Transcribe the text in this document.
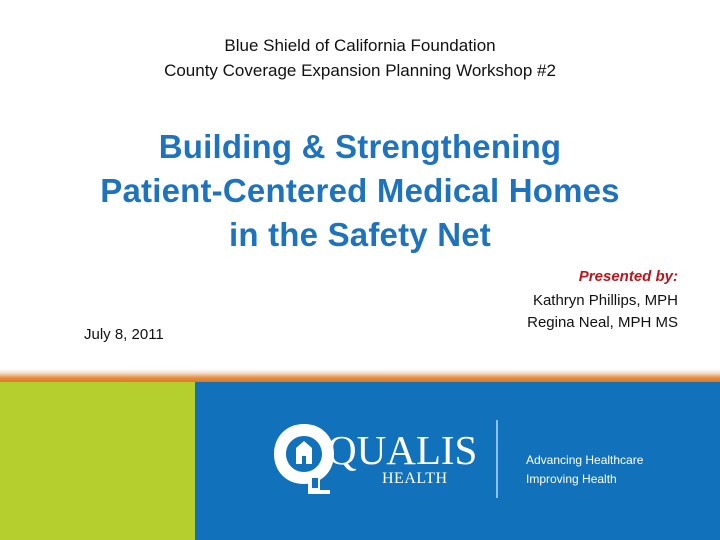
Blue Shield of California Foundation
County Coverage Expansion Planning Workshop #2
Building & Strengthening
Patient-Centered Medical Homes
in the Safety Net
Presented by:
Kathryn Phillips, MPH
Regina Neal, MPH MS
July 8, 2011
QUALIS
HEALTH
Advancing Healthcare
Improving Health
